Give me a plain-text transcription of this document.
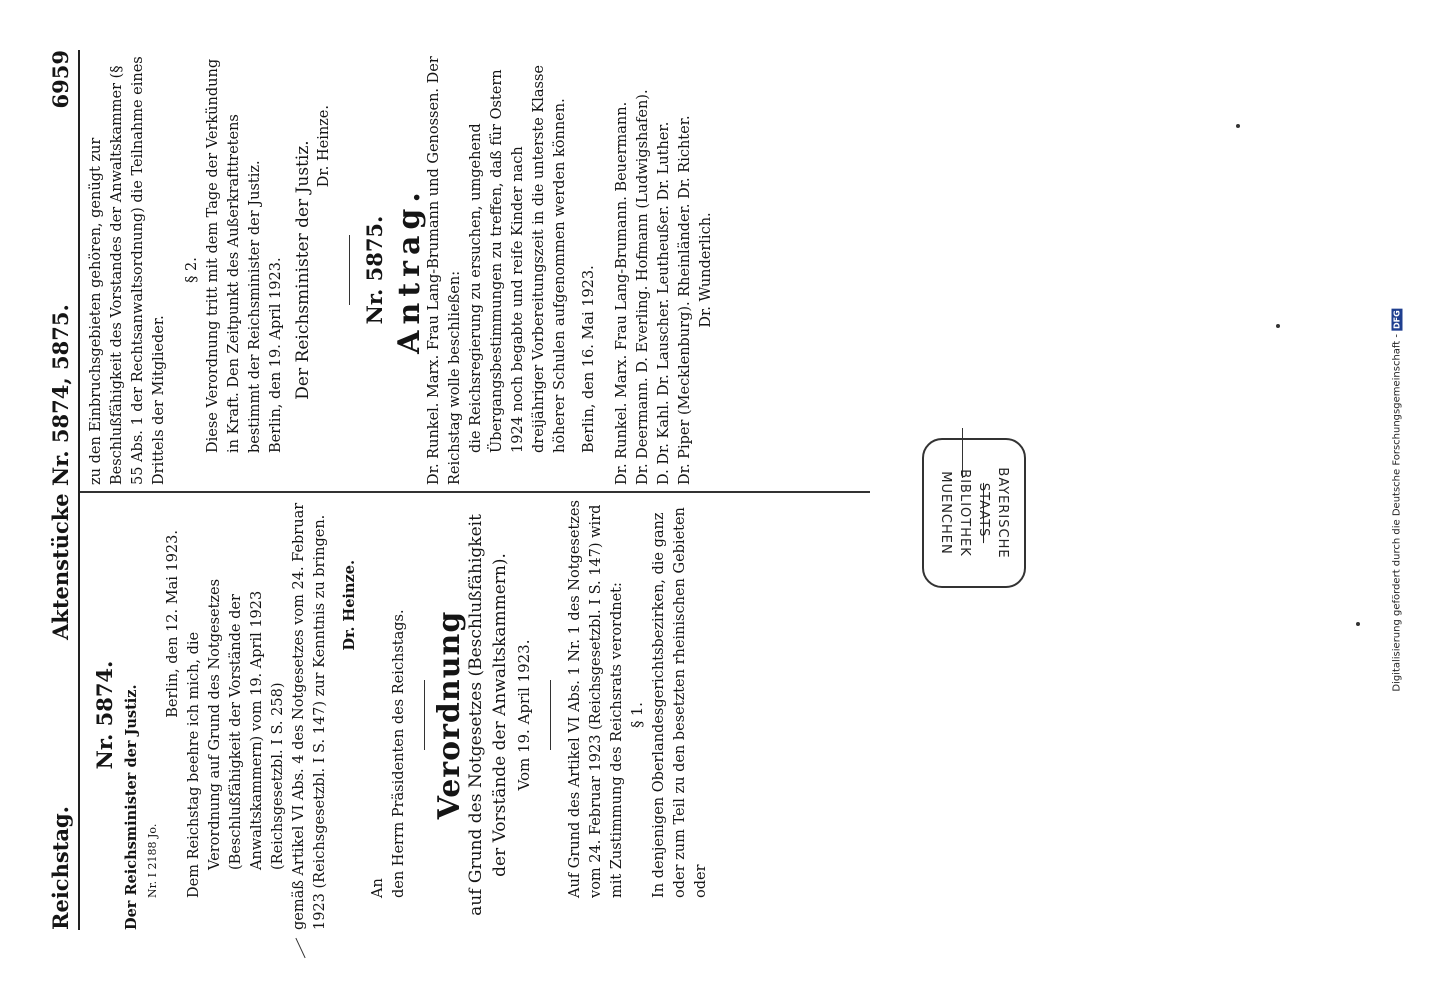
Reichstag.
Aktenstücke Nr. 5874, 5875.
6959
Nr. 5874. Der Reichsminister der Justiz. Nr. I 2188 Jo.

Berlin, den 12. Mai 1923.

Dem Reichstag beehre ich mich, die Verordnung auf Grund des Notgesetzes (Beschlußfähigkeit der Vorstände der Anwaltskammern) vom 19. April 1923 (Reichsgesetzbl. I S. 258) gemäß Artikel VI Abs. 4 des Notgesetzes vom 24. Februar 1923 (Reichsgesetzbl. I S. 147) zur Kenntnis zu bringen. Dr. Heinze.

An den Herrn Präsidenten des Reichstags. Verordnung auf Grund des Notgesetzes (Beschlußfähigkeit der Vorstände der Anwaltskammern). Vom 19. April 1923. Auf Grund des Artikel VI Abs. 1 Nr. 1 des Notgesetzes vom 24. Februar 1923 (Reichsgesetzbl. I S. 147) wird mit Zustimmung des Reichsrats verordnet: § 1. In denjenigen Oberlandesgerichtsbezirken, die ganz oder zum Teil zu den besetzten rheinischen Gebieten oder

zu den Einbruchsgebieten gehören, genügt zur Beschlußfähigkeit des Vorstandes der Anwaltskammer (§ 55 Abs. 1 der Rechtsanwaltsordnung) die Teilnahme eines Drittels der Mitglieder.

§ 2. Diese Verordnung tritt mit dem Tage der Verkündung in Kraft. Den Zeitpunkt des Außerkrafttretens bestimmt der Reichsminister der Justiz. Berlin, den 19. April 1923. Der Reichsminister der Justiz. Dr. Heinze.

Nr. 5875. Antrag. Dr. Runkel. Marx. Frau Lang-Brumann und Genossen. Der Reichstag wolle beschließen: die Reichsregierung zu ersuchen, umgehend Übergangsbestimmungen zu treffen, daß für Ostern 1924 noch begabte und reife Kinder nach dreijähriger Vorbereitungszeit in die unterste Klasse höherer Schulen aufgenommen werden können. Berlin, den 16. Mai 1923. Dr. Runkel. Marx. Frau Lang-Brumann. Beuermann. Dr. Deermann. D. Everling. Hofmann (Ludwigshafen). D. Dr. Kahl. Dr. Lauscher. Leutheußer. Dr. Luther. Dr. Piper (Mecklenburg). Rheinländer. Dr. Richter. Dr. Wunderlich.

BAYERISCHE
STAATS-
BIBLIOTHEK
MUENCHEN	Digitalisierung gefördert durch die Deutsche Forschungsgemeinschaft -DFG
